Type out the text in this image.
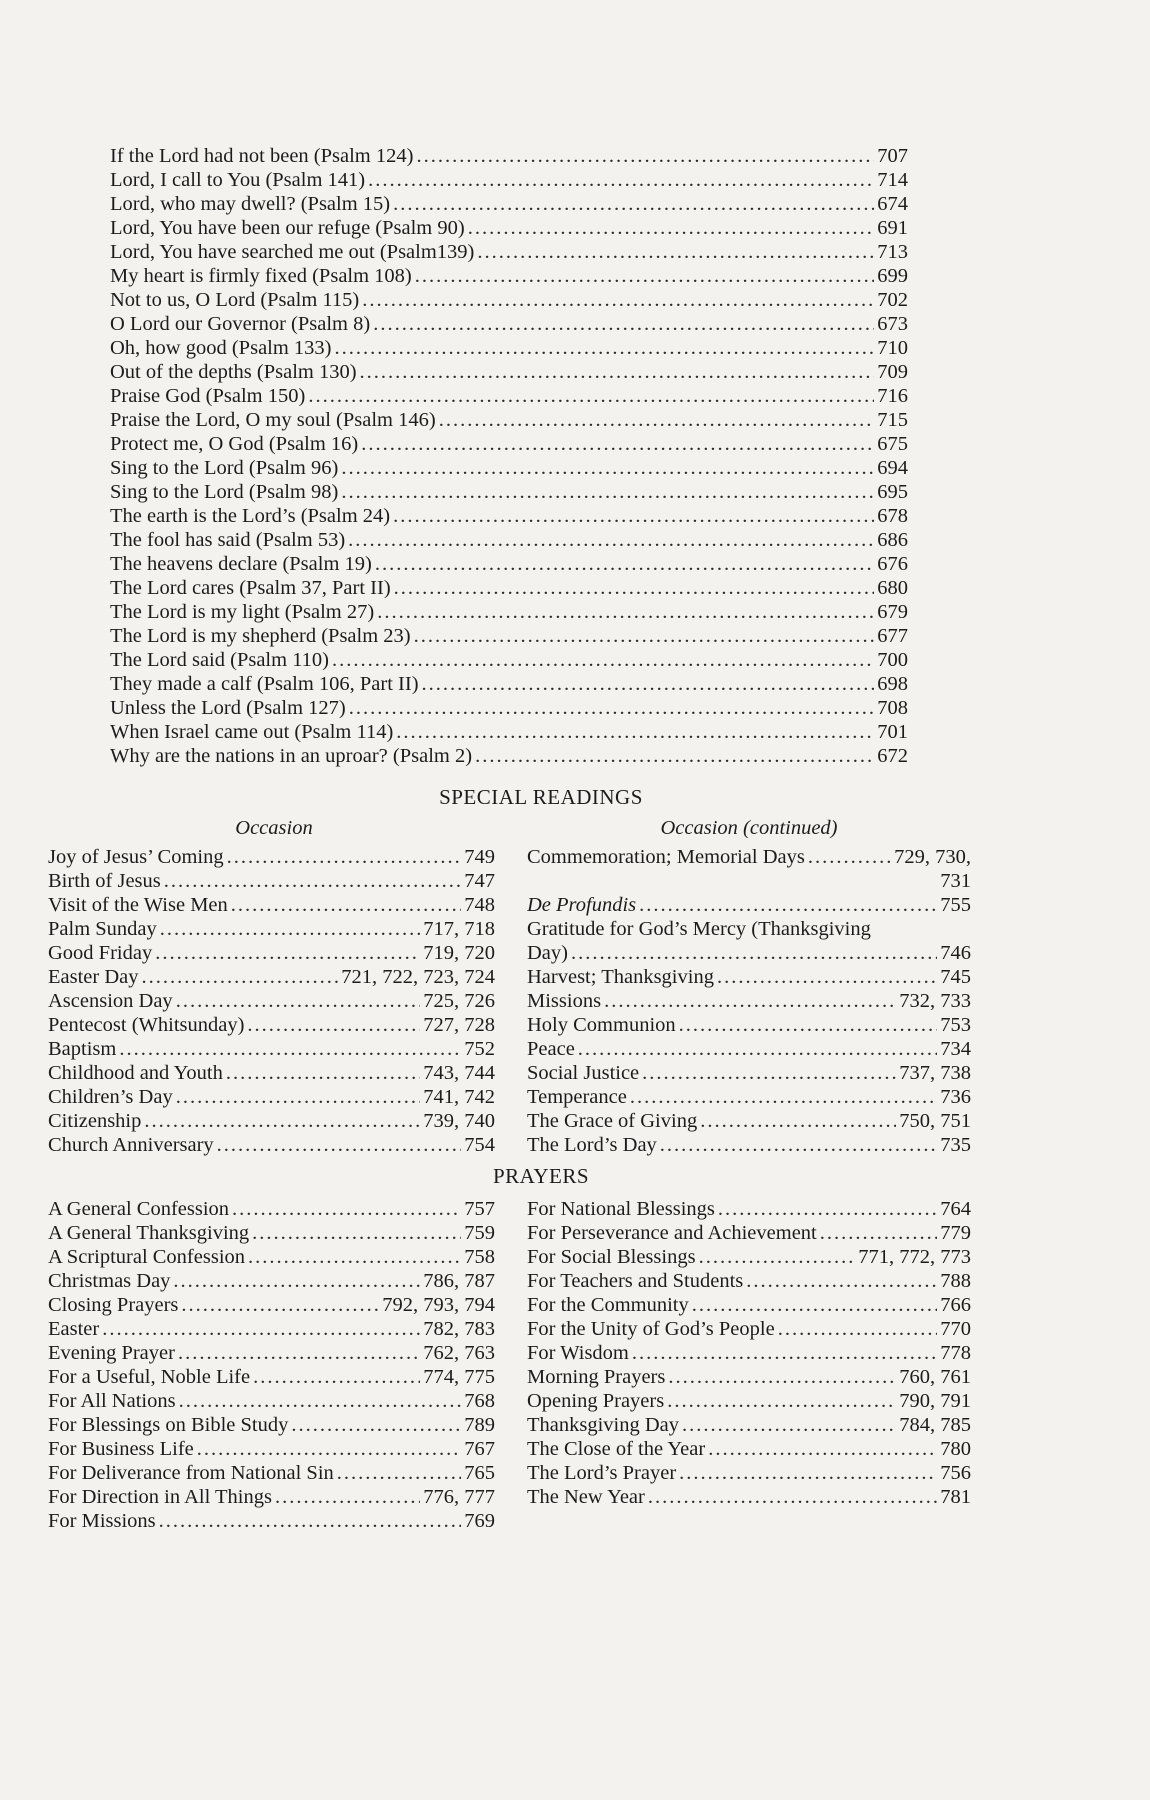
If the Lord had not been (Psalm 124) .....	707
Lord, I call to You (Psalm 141) .....	714
Lord, who may dwell? (Psalm 15) .....	674
Lord, You have been our refuge (Psalm 90) .....	691
Lord, You have searched me out (Psalm139) .....	713
My heart is firmly fixed (Psalm 108) .....	699
Not to us, O Lord (Psalm 115) .....	702
O Lord our Governor (Psalm 8) .....	673
Oh, how good (Psalm 133) .....	710
Out of the depths (Psalm 130) .....	709
Praise God (Psalm 150) .....	716
Praise the Lord, O my soul (Psalm 146) .....	715
Protect me, O God (Psalm 16) .....	675
Sing to the Lord (Psalm 96) .....	694
Sing to the Lord (Psalm 98) .....	695
The earth is the Lord’s (Psalm 24) .....	678
The fool has said (Psalm 53) .....	686
The heavens declare (Psalm 19) .....	676
The Lord cares (Psalm 37, Part II) .....	680
The Lord is my light (Psalm 27) .....	679
The Lord is my shepherd (Psalm 23) .....	677
The Lord said (Psalm 110) .....	700
They made a calf (Psalm 106, Part II) .....	698
Unless the Lord (Psalm 127) .....	708
When Israel came out (Psalm 114) .....	701
Why are the nations in an uproar? (Psalm 2) .....	672
SPECIAL READINGS
Occasion	Occasion (continued)
Joy of Jesus’ Coming .....	749
Birth of Jesus .....	747
Visit of the Wise Men .....	748
Palm Sunday .....	717, 718
Good Friday .....	719, 720
Easter Day .....	721, 722, 723, 724
Ascension Day .....	725, 726
Pentecost (Whitsunday) .....	727, 728
Baptism .....	752
Childhood and Youth .....	743, 744
Children’s Day .....	741, 742
Citizenship .....	739, 740
Church Anniversary .....	754
Commemoration; Memorial Days .....	729, 730,
731
De Profundis .....	755
Gratitude for God’s Mercy (Thanksgiving
Day) .....	746
Harvest; Thanksgiving .....	745
Missions .....	732, 733
Holy Communion .....	753
Peace .....	734
Social Justice .....	737, 738
Temperance .....	736
The Grace of Giving .....	750, 751
The Lord’s Day .....	735
PRAYERS
A General Confession .....	757
A General Thanksgiving .....	759
A Scriptural Confession .....	758
Christmas Day .....	786, 787
Closing Prayers .....	792, 793, 794
Easter .....	782, 783
Evening Prayer .....	762, 763
For a Useful, Noble Life .....	774, 775
For All Nations .....	768
For Blessings on Bible Study .....	789
For Business Life .....	767
For Deliverance from National Sin .....	765
For Direction in All Things .....	776, 777
For Missions .....	769
For National Blessings .....	764
For Perseverance and Achievement .....	779
For Social Blessings .....	771, 772, 773
For Teachers and Students .....	788
For the Community .....	766
For the Unity of God’s People .....	770
For Wisdom .....	778
Morning Prayers .....	760, 761
Opening Prayers .....	790, 791
Thanksgiving Day .....	784, 785
The Close of the Year .....	780
The Lord’s Prayer .....	756
The New Year .....	781
